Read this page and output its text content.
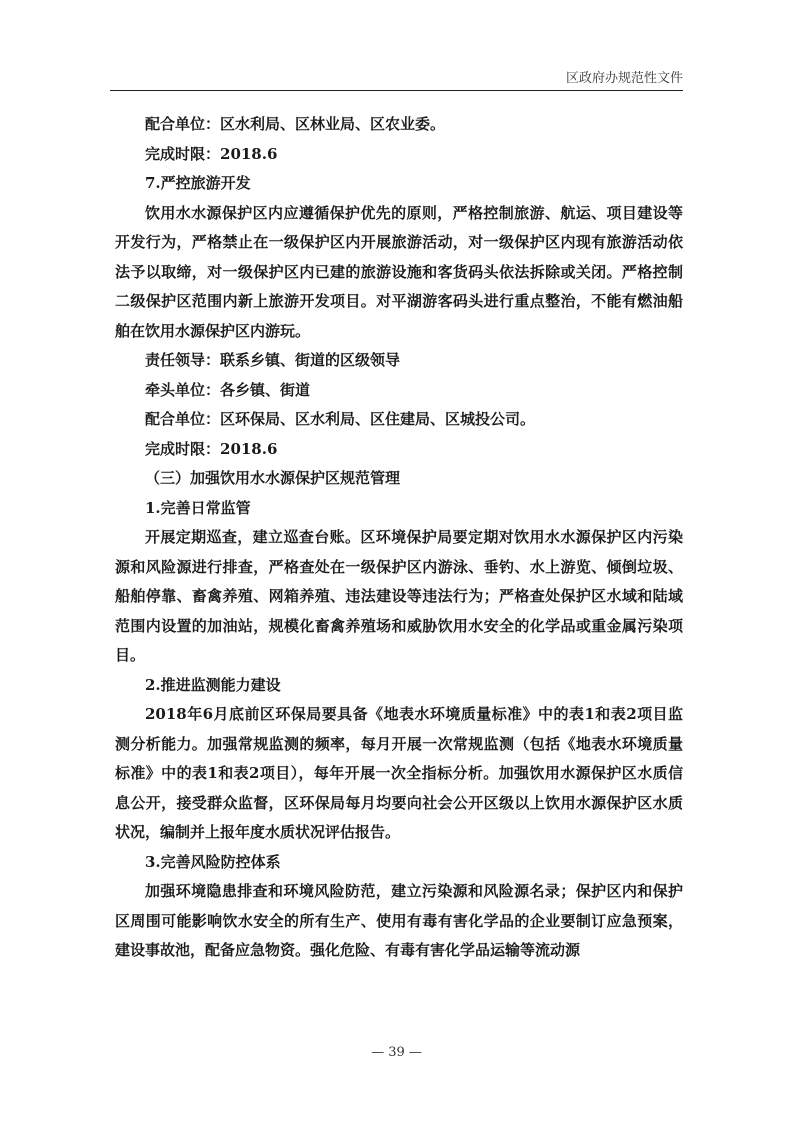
区政府办规范性文件

配合单位：区水利局、区林业局、区农业委。

完成时限：2018.6

7.严控旅游开发

饮用水水源保护区内应遵循保护优先的原则，严格控制旅游、航运、项目建设等开发行为，严格禁止在一级保护区内开展旅游活动，对一级保护区内现有旅游活动依法予以取缔，对一级保护区内已建的旅游设施和客货码头依法拆除或关闭。严格控制二级保护区范围内新上旅游开发项目。对平湖游客码头进行重点整治，不能有燃油船舶在饮用水源保护区内游玩。

责任领导：联系乡镇、街道的区级领导

牵头单位：各乡镇、街道

配合单位：区环保局、区水利局、区住建局、区城投公司。

完成时限：2018.6

（三）加强饮用水水源保护区规范管理

1.完善日常监管

开展定期巡查，建立巡查台账。区环境保护局要定期对饮用水水源保护区内污染源和风险源进行排查，严格查处在一级保护区内游泳、垂钓、水上游览、倾倒垃圾、船舶停靠、畜禽养殖、网箱养殖、违法建设等违法行为；严格查处保护区水域和陆域范围内设置的加油站，规模化畜禽养殖场和威胁饮用水安全的化学品或重金属污染项目。

2.推进监测能力建设

2018年6月底前区环保局要具备《地表水环境质量标准》中的表1和表2项目监测分析能力。加强常规监测的频率，每月开展一次常规监测（包括《地表水环境质量标准》中的表1和表2项目），每年开展一次全指标分析。加强饮用水源保护区水质信息公开，接受群众监督，区环保局每月均要向社会公开区级以上饮用水源保护区水质状况，编制并上报年度水质状况评估报告。

3.完善风险防控体系

加强环境隐患排查和环境风险防范，建立污染源和风险源名录；保护区内和保护区周围可能影响饮水安全的所有生产、使用有毒有害化学品的企业要制订应急预案，建设事故池，配备应急物资。强化危险、有毒有害化学品运输等流动源

— 39 —
